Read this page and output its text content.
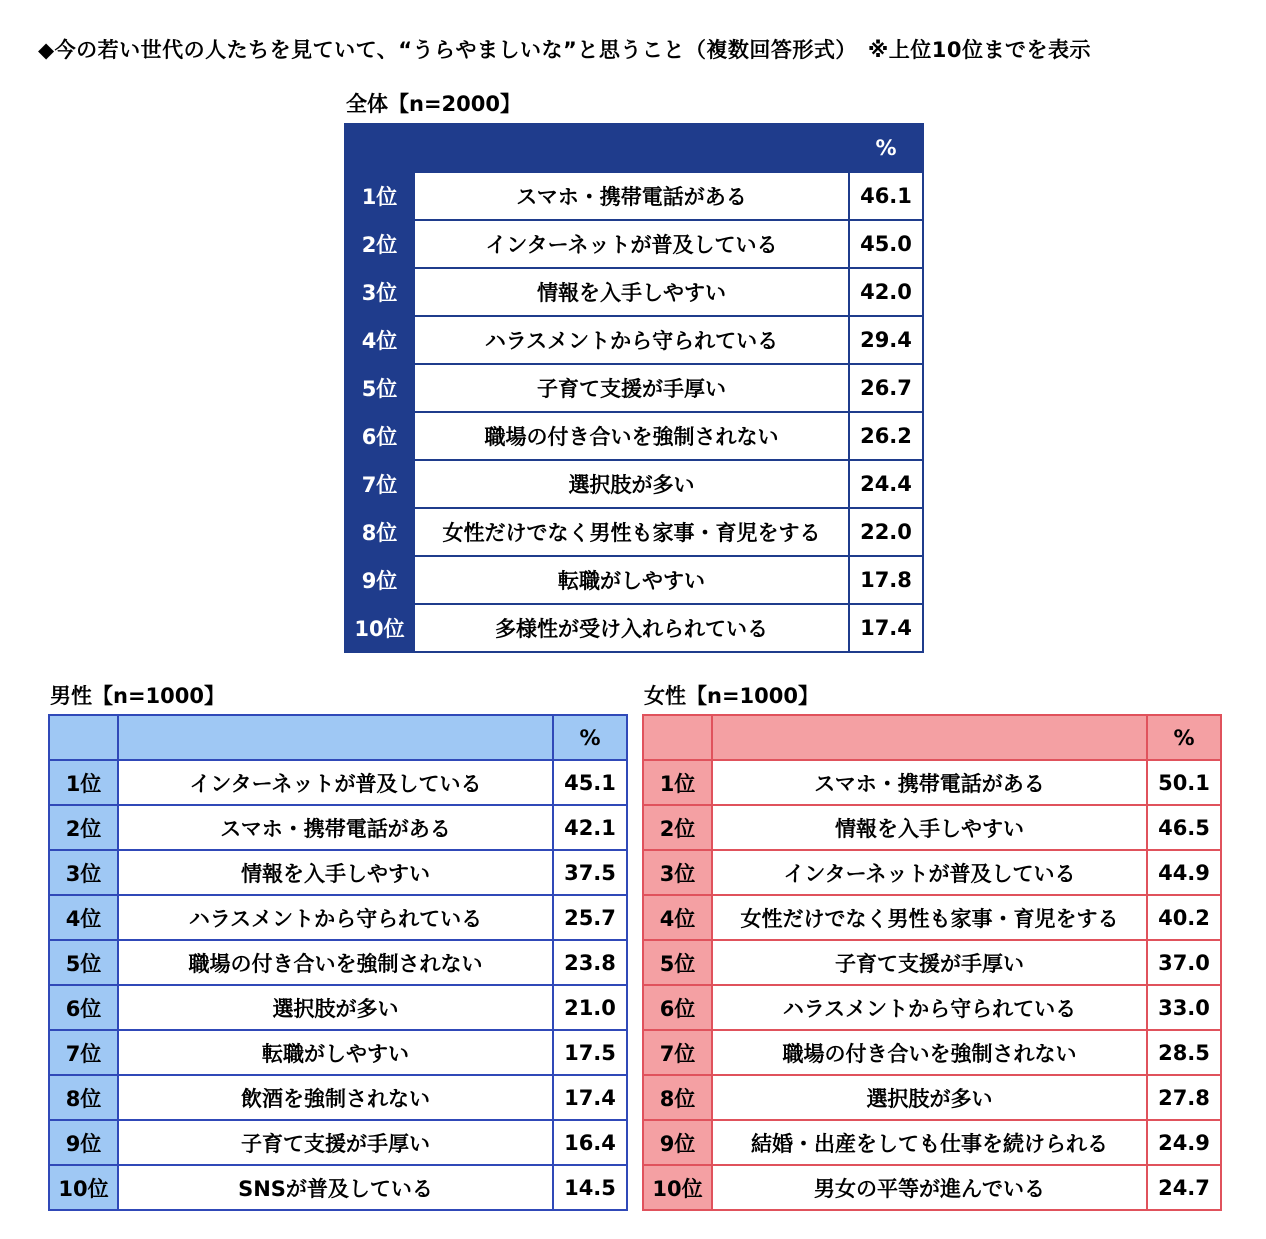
◆今の若い世代の人たちを見ていて、“うらやましいな”と思うこと（複数回答形式）　※上位10位までを表示
全体【n=2000】
		%
1位	スマホ・携帯電話がある	46.1
2位	インターネットが普及している	45.0
3位	情報を入手しやすい	42.0
4位	ハラスメントから守られている	29.4
5位	子育て支援が手厚い	26.7
6位	職場の付き合いを強制されない	26.2
7位	選択肢が多い	24.4
8位	女性だけでなく男性も家事・育児をする	22.0
9位	転職がしやすい	17.8
10位	多様性が受け入れられている	17.4
男性【n=1000】
		%
1位	インターネットが普及している	45.1
2位	スマホ・携帯電話がある	42.1
3位	情報を入手しやすい	37.5
4位	ハラスメントから守られている	25.7
5位	職場の付き合いを強制されない	23.8
6位	選択肢が多い	21.0
7位	転職がしやすい	17.5
8位	飲酒を強制されない	17.4
9位	子育て支援が手厚い	16.4
10位	SNSが普及している	14.5
女性【n=1000】
		%
1位	スマホ・携帯電話がある	50.1
2位	情報を入手しやすい	46.5
3位	インターネットが普及している	44.9
4位	女性だけでなく男性も家事・育児をする	40.2
5位	子育て支援が手厚い	37.0
6位	ハラスメントから守られている	33.0
7位	職場の付き合いを強制されない	28.5
8位	選択肢が多い	27.8
9位	結婚・出産をしても仕事を続けられる	24.9
10位	男女の平等が進んでいる	24.7
